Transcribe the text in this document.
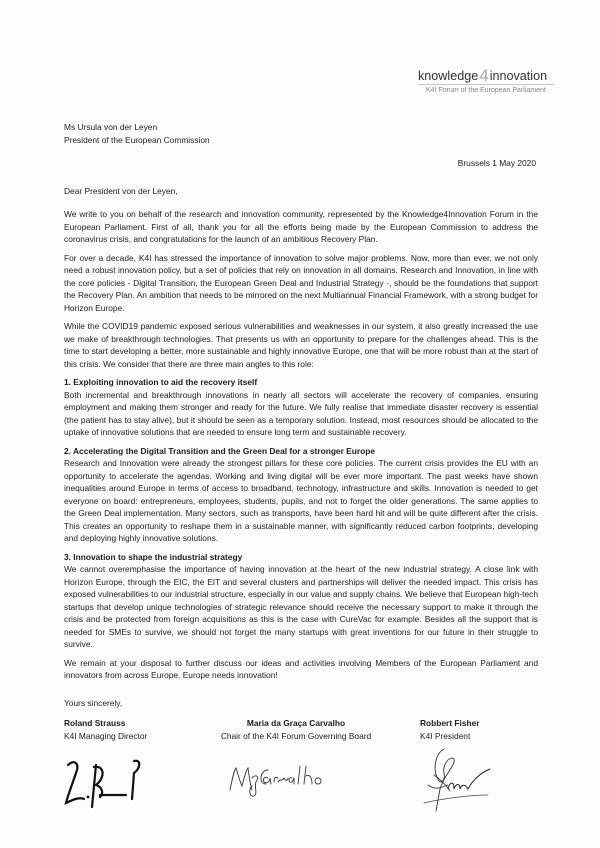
knowledge4innovation
K4I Forum of the European Parliament
Ms Ursula von der Leyen
President of the European Commission
Brussels 1 May 2020
Dear President von der Leyen,

We write to you on behalf of the research and innovation community, represented by the Knowledge4Innovation Forum in the European Parliament. First of all, thank you for all the efforts being made by the European Commission to address the coronavirus crisis, and congratulations for the launch of an ambitious Recovery Plan.

For over a decade, K4I has stressed the importance of innovation to solve major problems. Now, more than ever, we not only need a robust innovation policy, but a set of policies that rely on innovation in all domains. Research and Innovation, in line with the core policies - Digital Transition, the European Green Deal and Industrial Strategy -, should be the foundations that support the Recovery Plan. An ambition that needs to be mirrored on the next Multiannual Financial Framework, with a strong budget for Horizon Europe.

While the COVID19 pandemic exposed serious vulnerabilities and weaknesses in our system, it also greatly increased the use we make of breakthrough technologies. That presents us with an opportunity to prepare for the challenges ahead. This is the time to start developing a better, more sustainable and highly innovative Europe, one that will be more robust than at the start of this crisis. We consider that there are three main angles to this role:

1. Exploiting innovation to aid the recovery itself

Both incremental and breakthrough innovations in nearly all sectors will accelerate the recovery of companies, ensuring employment and making them stronger and ready for the future. We fully realise that immediate disaster recovery is essential (the patient has to stay alive), but it should be seen as a temporary solution. Instead, most resources should be allocated to the uptake of innovative solutions that are needed to ensure long term and sustainable recovery.

2. Accelerating the Digital Transition and the Green Deal for a stronger Europe

Research and Innovation were already the strongest pillars for these core policies. The current crisis provides the EU with an opportunity to accelerate the agendas. Working and living digital will be ever more important. The past weeks have shown inequalities around Europe in terms of access to broadband, technology, infrastructure and skills. Innovation is needed to get everyone on board: entrepreneurs, employees, students, pupils, and not to forget the older generations. The same applies to the Green Deal implementation. Many sectors, such as transports, have been hard hit and will be quite different after the crisis. This creates an opportunity to reshape them in a sustainable manner, with significantly reduced carbon footprints, developing and deploying highly innovative solutions.

3. Innovation to shape the industrial strategy

We cannot overemphasise the importance of having innovation at the heart of the new industrial strategy. A close link with Horizon Europe, through the EIC, the EIT and several clusters and partnerships will deliver the needed impact. This crisis has exposed vulnerabilities to our industrial structure, especially in our value and supply chains. We believe that European high-tech startups that develop unique technologies of strategic relevance should receive the necessary support to make it through the crisis and be protected from foreign acquisitions as this is the case with CureVac for example. Besides all the support that is needed for SMEs to survive, we should not forget the many startups with great inventions for our future in their struggle to survive.

We remain at your disposal to further discuss our ideas and activities involving Members of the European Parliament and innovators from across Europe. Europe needs innovation!

Yours sincerely,
Roland Strauss
K4I Managing Director
Maria da Graça Carvalho
Chair of the K4I Forum Governing Board
Robbert Fisher
K4I President
